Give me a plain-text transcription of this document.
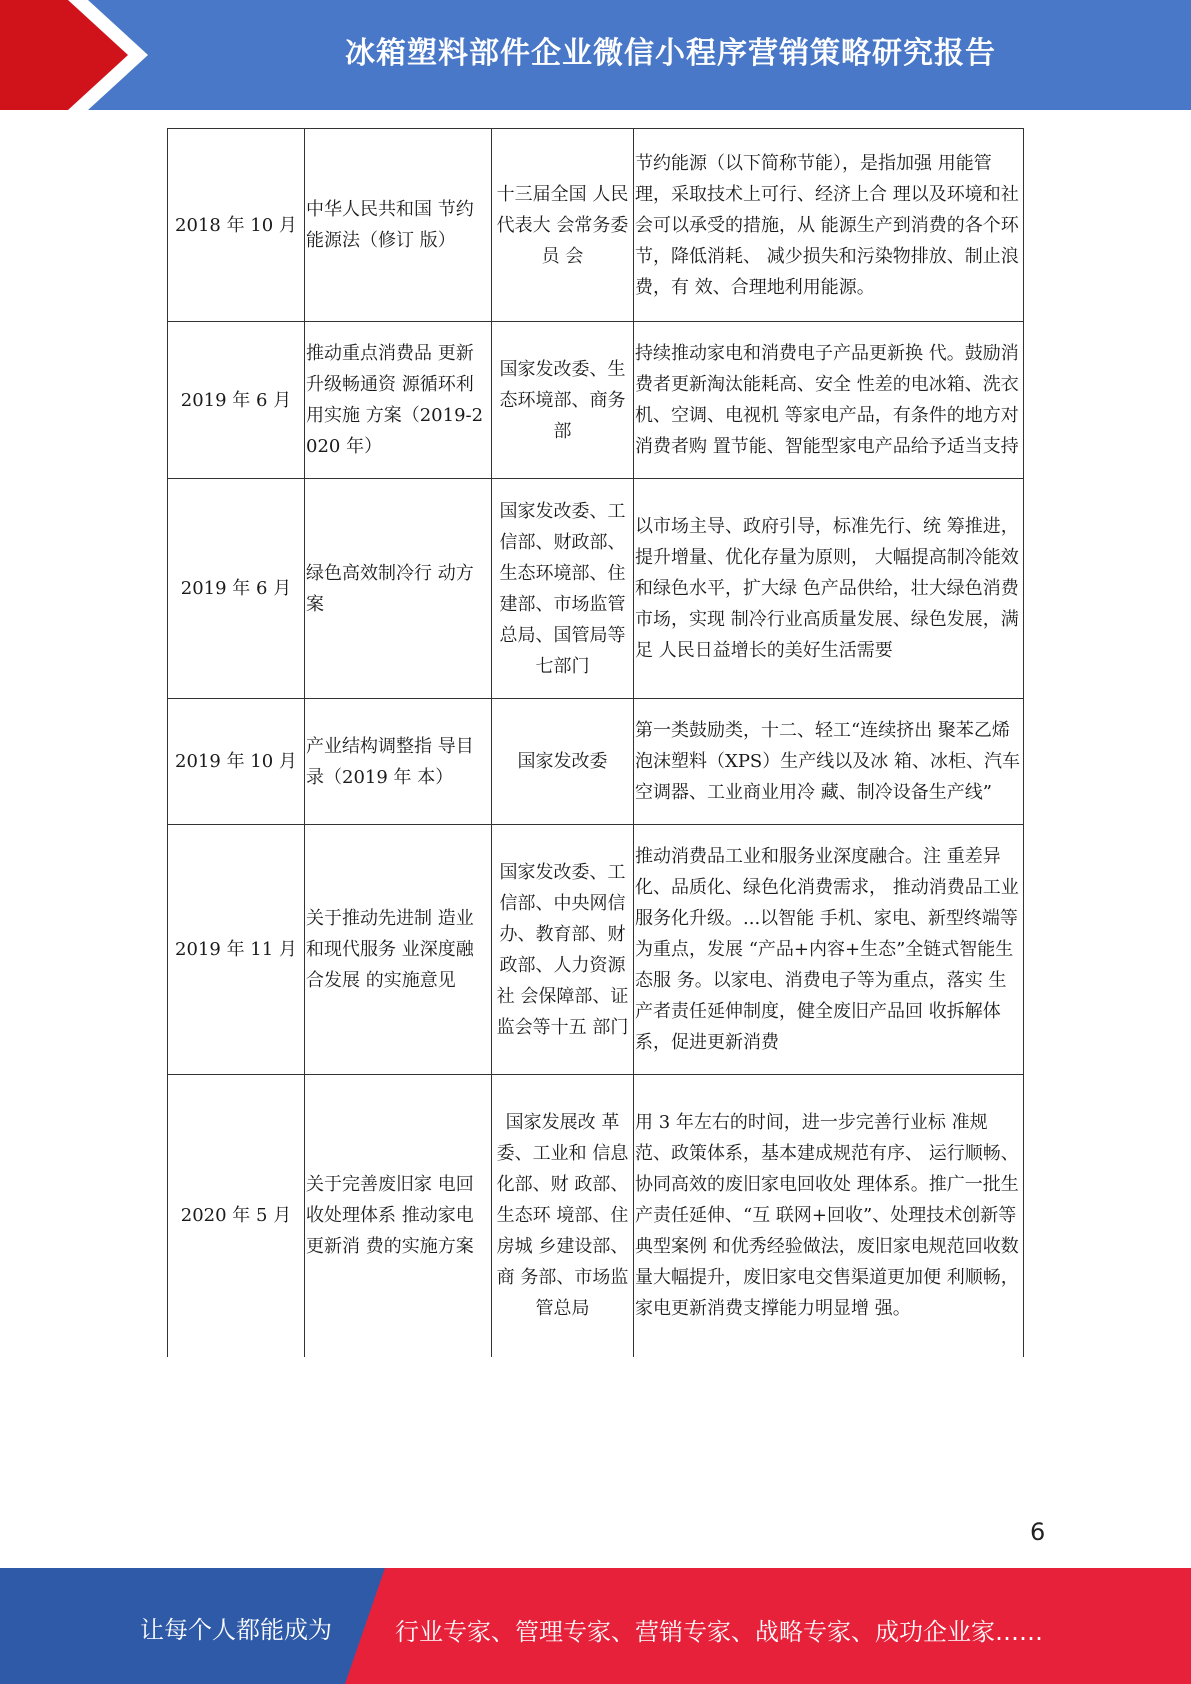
冰箱塑料部件企业微信小程序营销策略研究报告
2018 年 10 月	中华人民共和国 节约能源法（修订 版）	十三届全国 人民代表大 会常务委员 会	节约能源（以下简称节能），是指加强 用能管理，采取技术上可行、经济上合 理以及环境和社会可以承受的措施，从 能源生产到消费的各个环节，降低消耗、 减少损失和污染物排放、制止浪费，有 效、合理地利用能源。
2019 年 6 月	推动重点消费品 更新升级畅通资 源循环利用实施 方案（2019-2020 年）	国家发改委、生态环境部、商务部	持续推动家电和消费电子产品更新换 代。鼓励消费者更新淘汰能耗高、安全 性差的电冰箱、洗衣机、空调、电视机 等家电产品，有条件的地方对消费者购 置节能、智能型家电产品给予适当支持
2019 年 6 月	绿色高效制冷行 动方案	国家发改委、工信部、财政部、生态环境部、住建部、市场监管总局、国管局等七部门	以市场主导、政府引导，标准先行、统 筹推进，提升增量、优化存量为原则， 大幅提高制冷能效和绿色水平，扩大绿 色产品供给，壮大绿色消费市场，实现 制冷行业高质量发展、绿色发展，满足 人民日益增长的美好生活需要
2019 年 10 月	产业结构调整指 导目录（2019 年 本）	国家发改委	第一类鼓励类，十二、轻工“连续挤出 聚苯乙烯泡沫塑料（XPS）生产线以及冰 箱、冰柜、汽车空调器、工业商业用冷 藏、制冷设备生产线”
2019 年 11 月	关于推动先进制 造业和现代服务 业深度融合发展 的实施意见	国家发改委、工信部、中央网信办、教育部、财政部、人力资源社 会保障部、证 监会等十五 部门	推动消费品工业和服务业深度融合。注 重差异化、品质化、绿色化消费需求， 推动消费品工业服务化升级。...以智能 手机、家电、新型终端等为重点，发展 “产品+内容+生态”全链式智能生态服 务。以家电、消费电子等为重点，落实 生产者责任延伸制度，健全废旧产品回 收拆解体系，促进更新消费
2020 年 5 月	关于完善废旧家 电回收处理体系 推动家电更新消 费的实施方案	国家发展改 革委、工业和 信息化部、财 政部、生态环 境部、住房城 乡建设部、商 务部、市场监 管总局	用 3 年左右的时间，进一步完善行业标 准规范、政策体系，基本建成规范有序、 运行顺畅、协同高效的废旧家电回收处 理体系。推广一批生产责任延伸、“互 联网+回收”、处理技术创新等典型案例 和优秀经验做法，废旧家电规范回收数 量大幅提升，废旧家电交售渠道更加便 利顺畅，家电更新消费支撑能力明显增 强。
6
让每个人都能成为	行业专家、管理专家、营销专家、战略专家、成功企业家……
